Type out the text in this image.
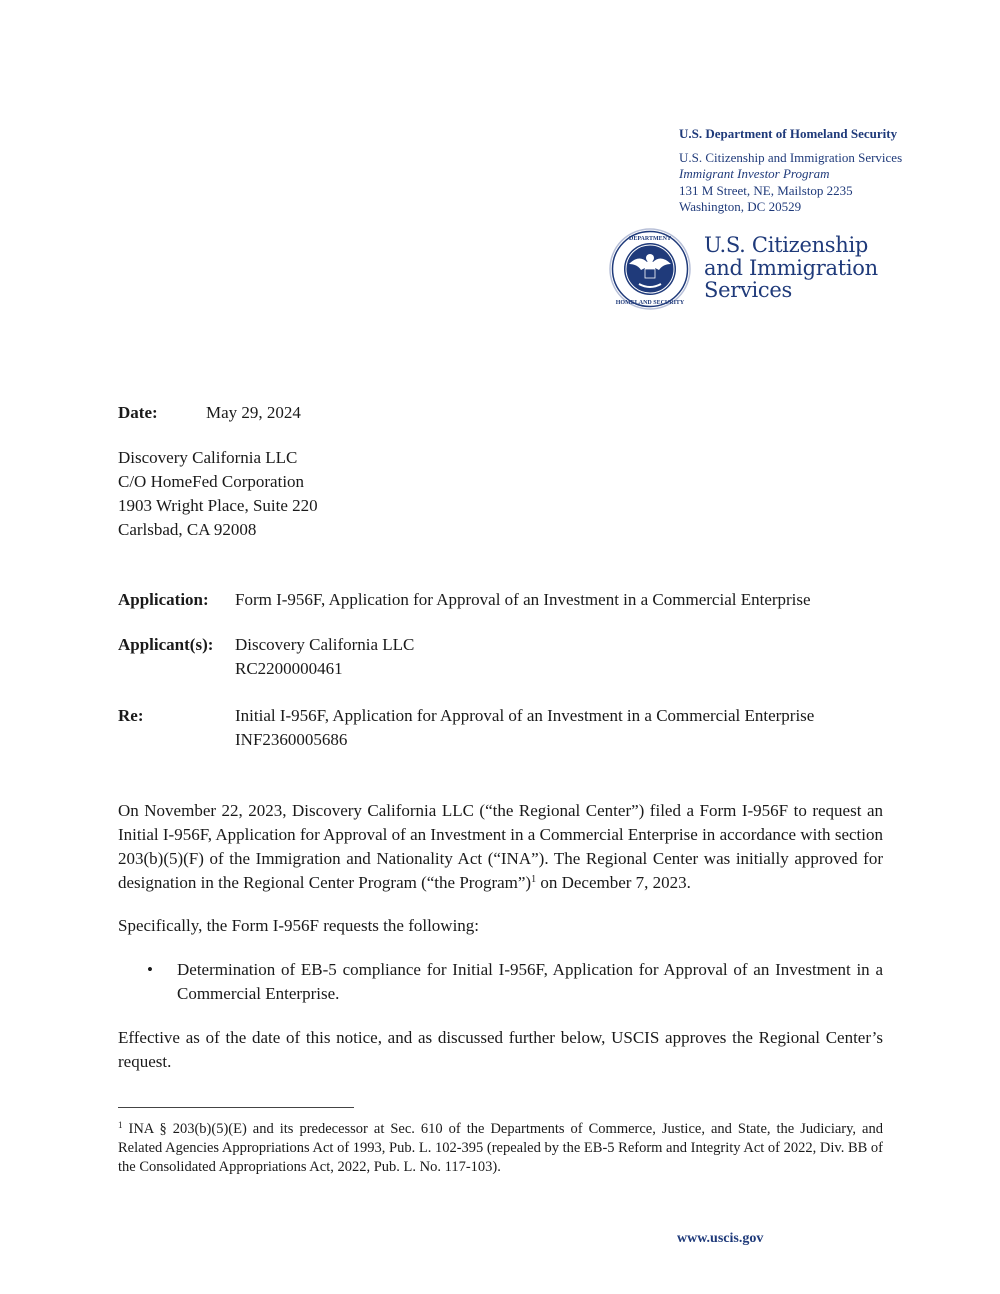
U.S. Department of Homeland Security
U.S. Citizenship and Immigration Services
Immigrant Investor Program
131 M Street, NE, Mailstop 2235
Washington, DC 20529
DEPARTMENT
HOMELAND SECURITY
U.S. Citizenship
and Immigration
Services
Date:	May 29, 2024
Discovery California LLC
C/O HomeFed Corporation
1903 Wright Place, Suite 220
Carlsbad, CA 92008
Application: Form I-956F, Application for Approval of an Investment in a Commercial Enterprise
Applicant(s): Discovery California LLC
RC2200000461
Re:	Initial I-956F, Application for Approval of an Investment in a Commercial Enterprise
INF2360005686
On November 22, 2023, Discovery California LLC (“the Regional Center”) filed a Form I-956F to request an Initial I-956F, Application for Approval of an Investment in a Commercial Enterprise in accordance with section 203(b)(5)(F) of the Immigration and Nationality Act (“INA”). The Regional Center was initially approved for designation in the Regional Center Program (“the Program”)$^1$ on December 7, 2023.
Specifically, the Form I-956F requests the following:
• Determination of EB-5 compliance for Initial I-956F, Application for Approval of an Investment in a Commercial Enterprise.
Effective as of the date of this notice, and as discussed further below, USCIS approves the Regional Center’s request.
$^1$ INA § 203(b)(5)(E) and its predecessor at Sec. 610 of the Departments of Commerce, Justice, and State, the Judiciary, and Related Agencies Appropriations Act of 1993, Pub. L. 102-395 (repealed by the EB-5 Reform and Integrity Act of 2022, Div. BB of the Consolidated Appropriations Act, 2022, Pub. L. No. 117-103).
www.uscis.gov
